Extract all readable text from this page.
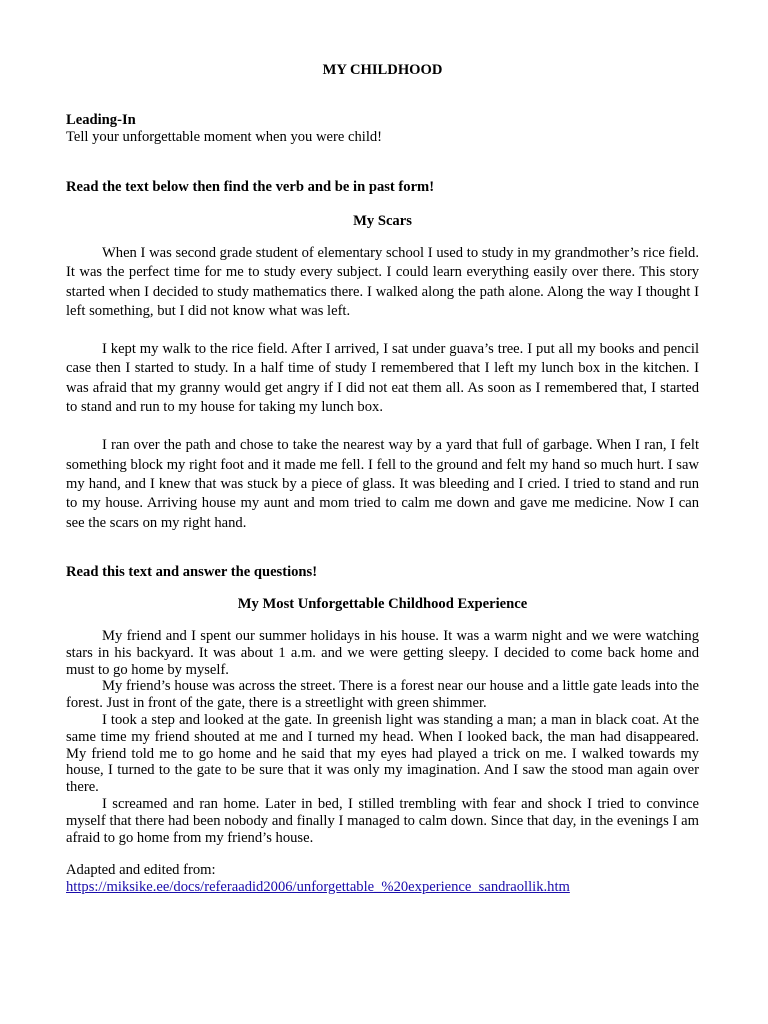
MY CHILDHOOD
Leading-In
Tell your unforgettable moment when you were child!
Read the text below then find the verb and be in past form!
My Scars

When I was second grade student of elementary school I used to study in my grandmother’s rice field. It was the perfect time for me to study every subject. I could learn everything easily over there. This story started when I decided to study mathematics there. I walked along the path alone. Along the way I thought I left something, but I did not know what was left.

I kept my walk to the rice field. After I arrived, I sat under guava’s tree. I put all my books and pencil case then I started to study. In a half time of study I remembered that I left my lunch box in the kitchen. I was afraid that my granny would get angry if I did not eat them all. As soon as I remembered that, I started to stand and run to my house for taking my lunch box.

I ran over the path and chose to take the nearest way by a yard that full of garbage. When I ran, I felt something block my right foot and it made me fell. I fell to the ground and felt my hand so much hurt. I saw my hand, and I knew that was stuck by a piece of glass. It was bleeding and I cried. I tried to stand and run to my house. Arriving house my aunt and mom tried to calm me down and gave me medicine. Now I can see the scars on my right hand.

Read this text and answer the questions!
My Most Unforgettable Childhood Experience

My friend and I spent our summer holidays in his house. It was a warm night and we were watching stars in his backyard. It was about 1 a.m. and we were getting sleepy. I decided to come back home and must to go home by myself.

My friend’s house was across the street. There is a forest near our house and a little gate leads into the forest. Just in front of the gate, there is a streetlight with green shimmer.

I took a step and looked at the gate. In greenish light was standing a man; a man in black coat. At the same time my friend shouted at me and I turned my head. When I looked back, the man had disappeared. My friend told me to go home and he said that my eyes had played a trick on me. I walked towards my house, I turned to the gate to be sure that it was only my imagination. And I saw the stood man again over there.

I screamed and ran home. Later in bed, I stilled trembling with fear and shock I tried to convince myself that there had been nobody and finally I managed to calm down. Since that day, in the evenings I am afraid to go home from my friend’s house.

Adapted and edited from:
https://miksike.ee/docs/referaadid2006/unforgettable_%20experience_sandraollik.htm
